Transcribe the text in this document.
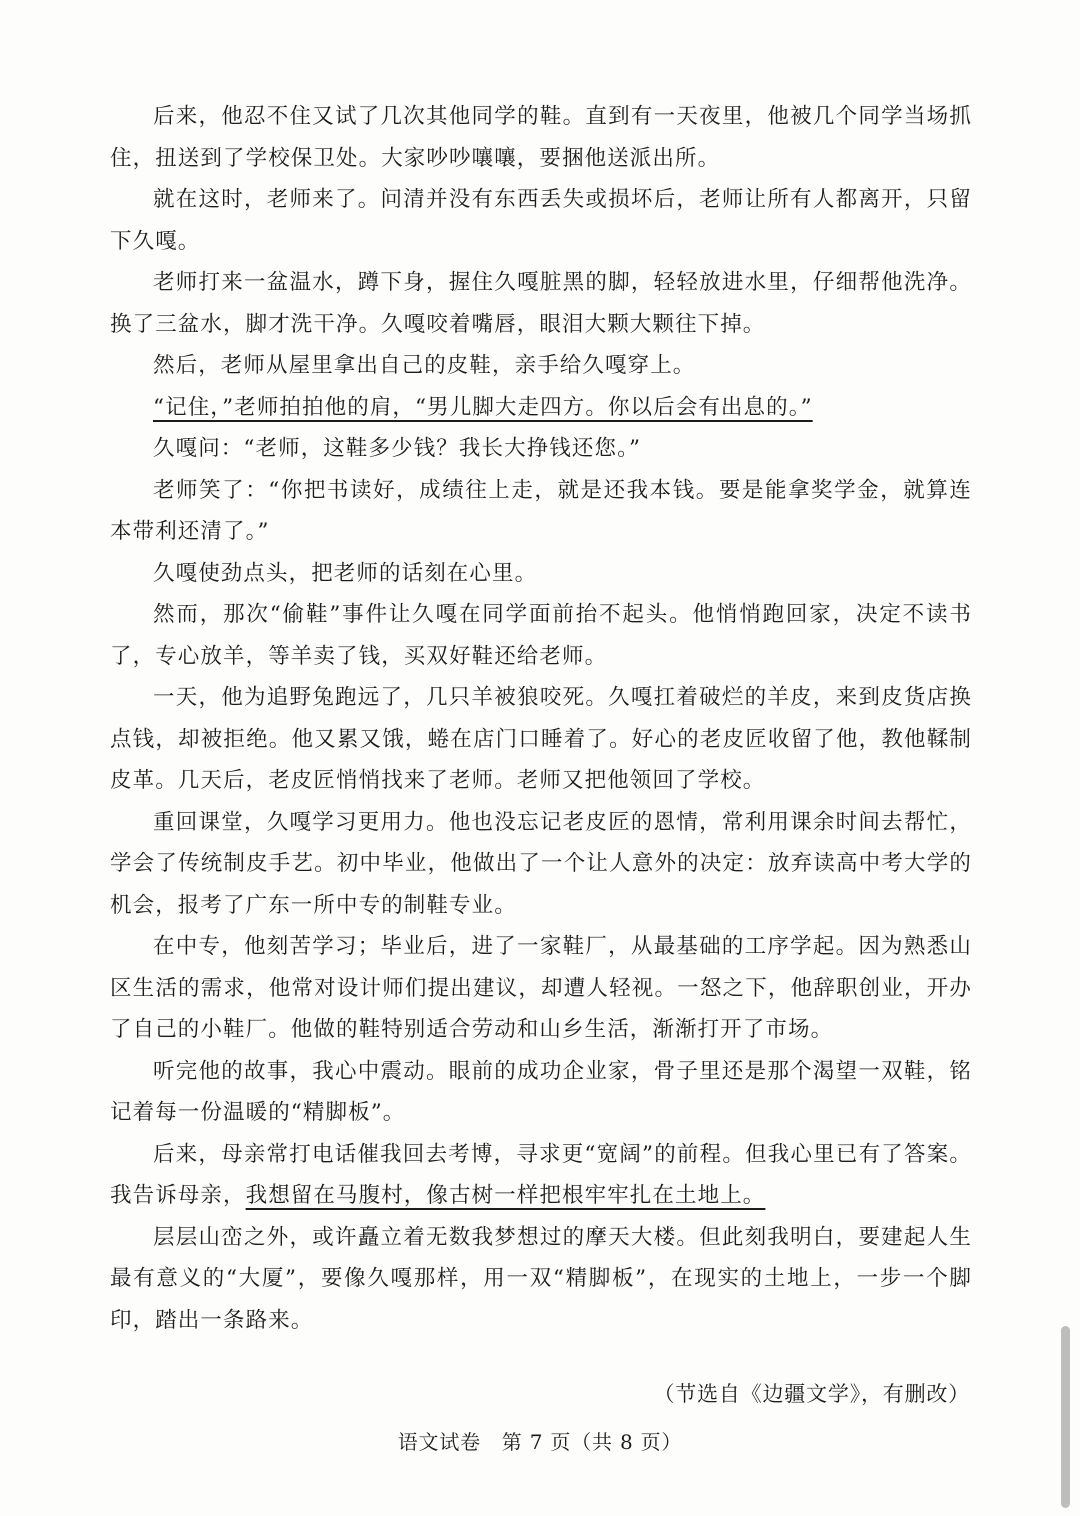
后来，他忍不住又试了几次其他同学的鞋。直到有一天夜里，他被几个同学当场抓住，扭送到了学校保卫处。大家吵吵嚷嚷，要捆他送派出所。

就在这时，老师来了。问清并没有东西丢失或损坏后，老师让所有人都离开，只留下久嘎。

老师打来一盆温水，蹲下身，握住久嘎脏黑的脚，轻轻放进水里，仔细帮他洗净。换了三盆水，脚才洗干净。久嘎咬着嘴唇，眼泪大颗大颗往下掉。

然后，老师从屋里拿出自己的皮鞋，亲手给久嘎穿上。

“记住，”老师拍拍他的肩，“男儿脚大走四方。你以后会有出息的。”

久嘎问：“老师，这鞋多少钱？我长大挣钱还您。”

老师笑了：“你把书读好，成绩往上走，就是还我本钱。要是能拿奖学金，就算连本带利还清了。”

久嘎使劲点头，把老师的话刻在心里。

然而，那次“偷鞋”事件让久嘎在同学面前抬不起头。他悄悄跑回家，决定不读书了，专心放羊，等羊卖了钱，买双好鞋还给老师。

一天，他为追野兔跑远了，几只羊被狼咬死。久嘎扛着破烂的羊皮，来到皮货店换点钱，却被拒绝。他又累又饿，蜷在店门口睡着了。好心的老皮匠收留了他，教他鞣制皮革。几天后，老皮匠悄悄找来了老师。老师又把他领回了学校。

重回课堂，久嘎学习更用力。他也没忘记老皮匠的恩情，常利用课余时间去帮忙，学会了传统制皮手艺。初中毕业，他做出了一个让人意外的决定：放弃读高中考大学的机会，报考了广东一所中专的制鞋专业。

在中专，他刻苦学习；毕业后，进了一家鞋厂，从最基础的工序学起。因为熟悉山区生活的需求，他常对设计师们提出建议，却遭人轻视。一怒之下，他辞职创业，开办了自己的小鞋厂。他做的鞋特别适合劳动和山乡生活，渐渐打开了市场。

听完他的故事，我心中震动。眼前的成功企业家，骨子里还是那个渴望一双鞋，铭记着每一份温暖的“精脚板”。

后来，母亲常打电话催我回去考博，寻求更“宽阔”的前程。但我心里已有了答案。我告诉母亲，我想留在马腹村，像古树一样把根牢牢扎在土地上。

层层山峦之外，或许矗立着无数我梦想过的摩天大楼。但此刻我明白，要建起人生最有意义的“大厦”，要像久嘎那样，用一双“精脚板”，在现实的土地上，一步一个脚印，踏出一条路来。

（节选自《边疆文学》，有删改）
语文试卷　第 7 页（共 8 页）
